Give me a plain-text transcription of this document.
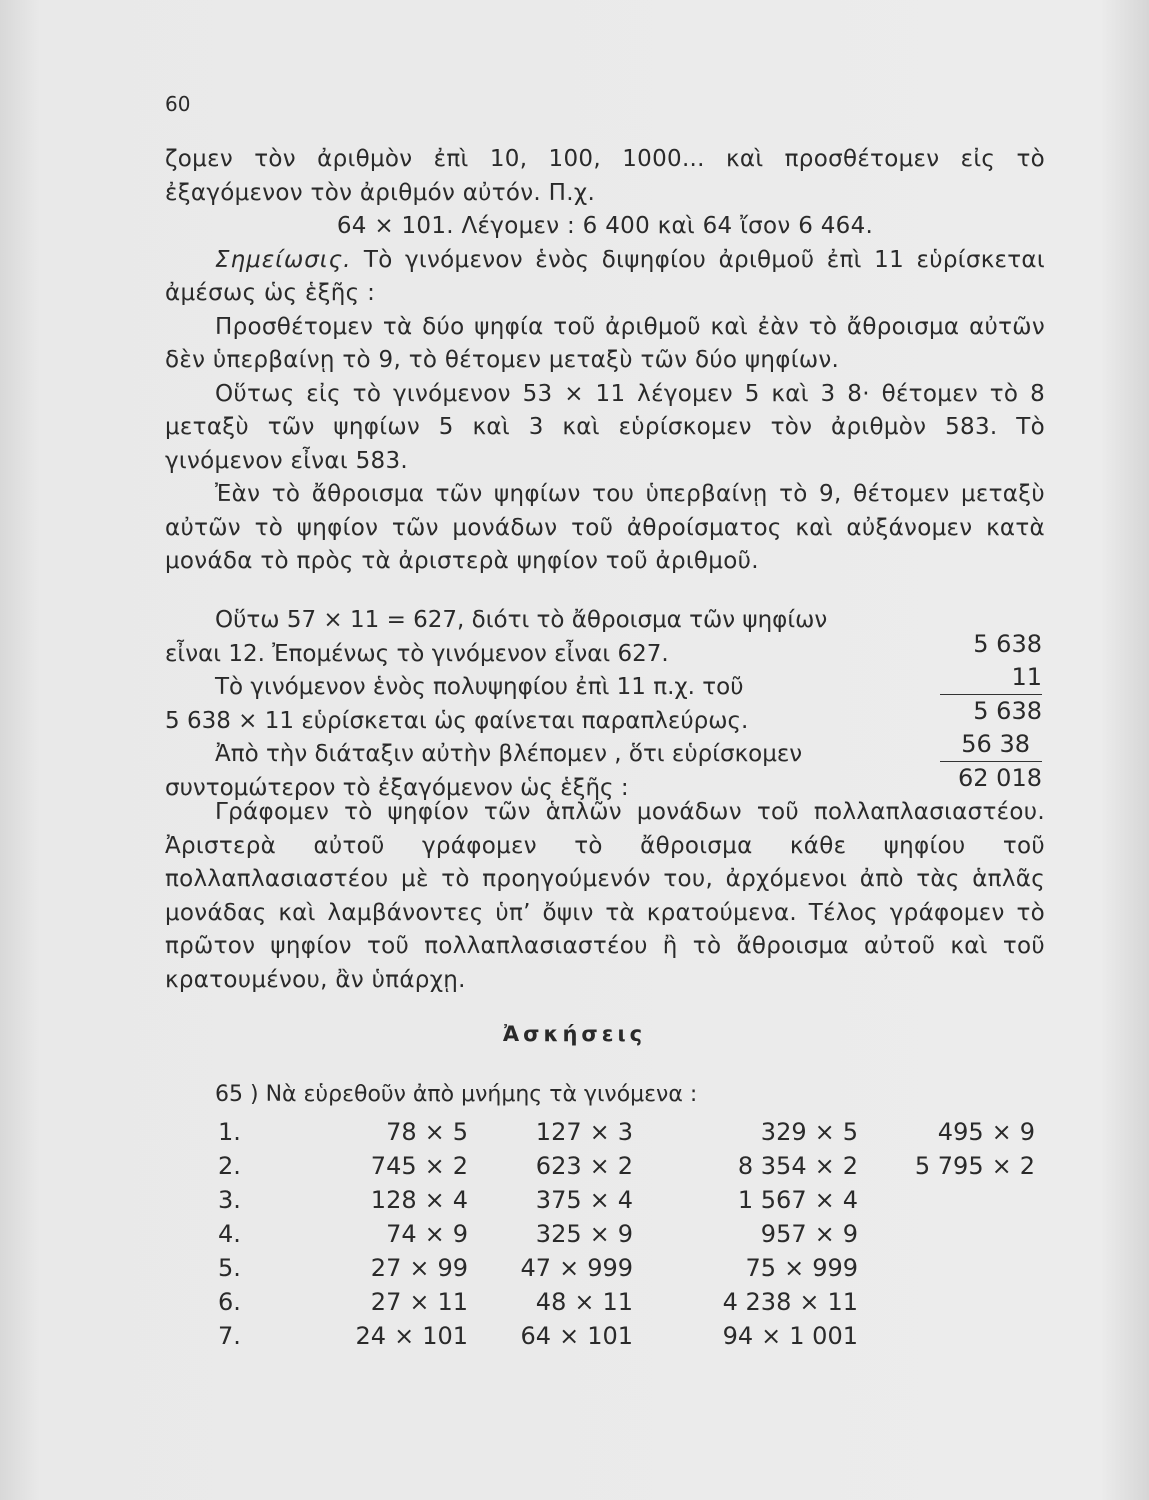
60

ζομεν τὸν ἀριθμὸν ἐπὶ 10, 100, 1000... καὶ προσθέτομεν εἰς τὸ ἐξαγόμενον τὸν ἀριθμόν αὐτόν. Π.χ.

64 × 101. Λέγομεν : 6 400 καὶ 64 ἴσον 6 464.

Σημείωσις. Τὸ γινόμενον ἑνὸς διψηφίου ἀριθμοῦ ἐπὶ 11 εὑρίσκεται ἀμέσως ὡς ἑξῆς :

Προσθέτομεν τὰ δύο ψηφία τοῦ ἀριθμοῦ καὶ ἐὰν τὸ ἄθροισμα αὐτῶν δὲν ὑπερβαίνῃ τὸ 9, τὸ θέτομεν μεταξὺ τῶν δύο ψηφίων.

Οὕτως εἰς τὸ γινόμενον 53 × 11 λέγομεν 5 καὶ 3 8· θέτομεν τὸ 8 μεταξὺ τῶν ψηφίων 5 καὶ 3 καὶ εὑρίσκομεν τὸν ἀριθμὸν 583. Τὸ γινόμενον εἶναι 583.

Ἐὰν τὸ ἄθροισμα τῶν ψηφίων του ὑπερβαίνῃ τὸ 9, θέτομεν μεταξὺ αὐτῶν τὸ ψηφίον τῶν μονάδων τοῦ ἀθροίσματος καὶ αὐξάνομεν κατὰ μονάδα τὸ πρὸς τὰ ἀριστερὰ ψηφίον τοῦ ἀριθμοῦ.

Οὕτω 57 × 11 = 627, διότι τὸ ἄθροισμα τῶν ψηφίων

εἶναι 12. Ἐπομένως τὸ γινόμενον εἶναι 627.

Τὸ γινόμενον ἑνὸς πολυψηφίου ἐπὶ 11 π.χ. τοῦ

5 638 × 11 εὑρίσκεται ὡς φαίνεται παραπλεύρως.

Ἀπὸ τὴν διάταξιν αὐτὴν βλέπομεν , ὅτι εὑρίσκομεν

συντομώτερον τὸ ἐξαγόμενον ὡς ἑξῆς :

5 638
11
5 638
56 38
62 018

Γράφομεν τὸ ψηφίον τῶν ἁπλῶν μονάδων τοῦ πολλαπλασιαστέου. Ἀριστερὰ αὐτοῦ γράφομεν τὸ ἄθροισμα κάθε ψηφίου τοῦ πολλαπλασιαστέου μὲ τὸ προηγούμενόν του, ἀρχόμενοι ἀπὸ τὰς ἁπλᾶς μονάδας καὶ λαμβάνοντες ὑπ’ ὄψιν τὰ κρατούμενα. Τέλος γράφομεν τὸ πρῶτον ψηφίον τοῦ πολλαπλασιαστέου ἢ τὸ ἄθροισμα αὐτοῦ καὶ τοῦ κρατουμένου, ἂν ὑπάρχῃ.

Ἀσκήσεις
65 ) Νὰ εὑρεθοῦν ἀπὸ μνήμης τὰ γινόμενα :
1.	78 × 5	127 × 3	329 × 5	495 × 9
2.	745 × 2	623 × 2	8 354 × 2	5 795 × 2
3.	128 × 4	375 × 4	1 567 × 4	
4.	74 × 9	325 × 9	957 × 9	
5.	27 × 99	47 × 999	75 × 999	
6.	27 × 11	48 × 11	4 238 × 11	
7.	24 × 101	64 × 101	94 × 1 001	
